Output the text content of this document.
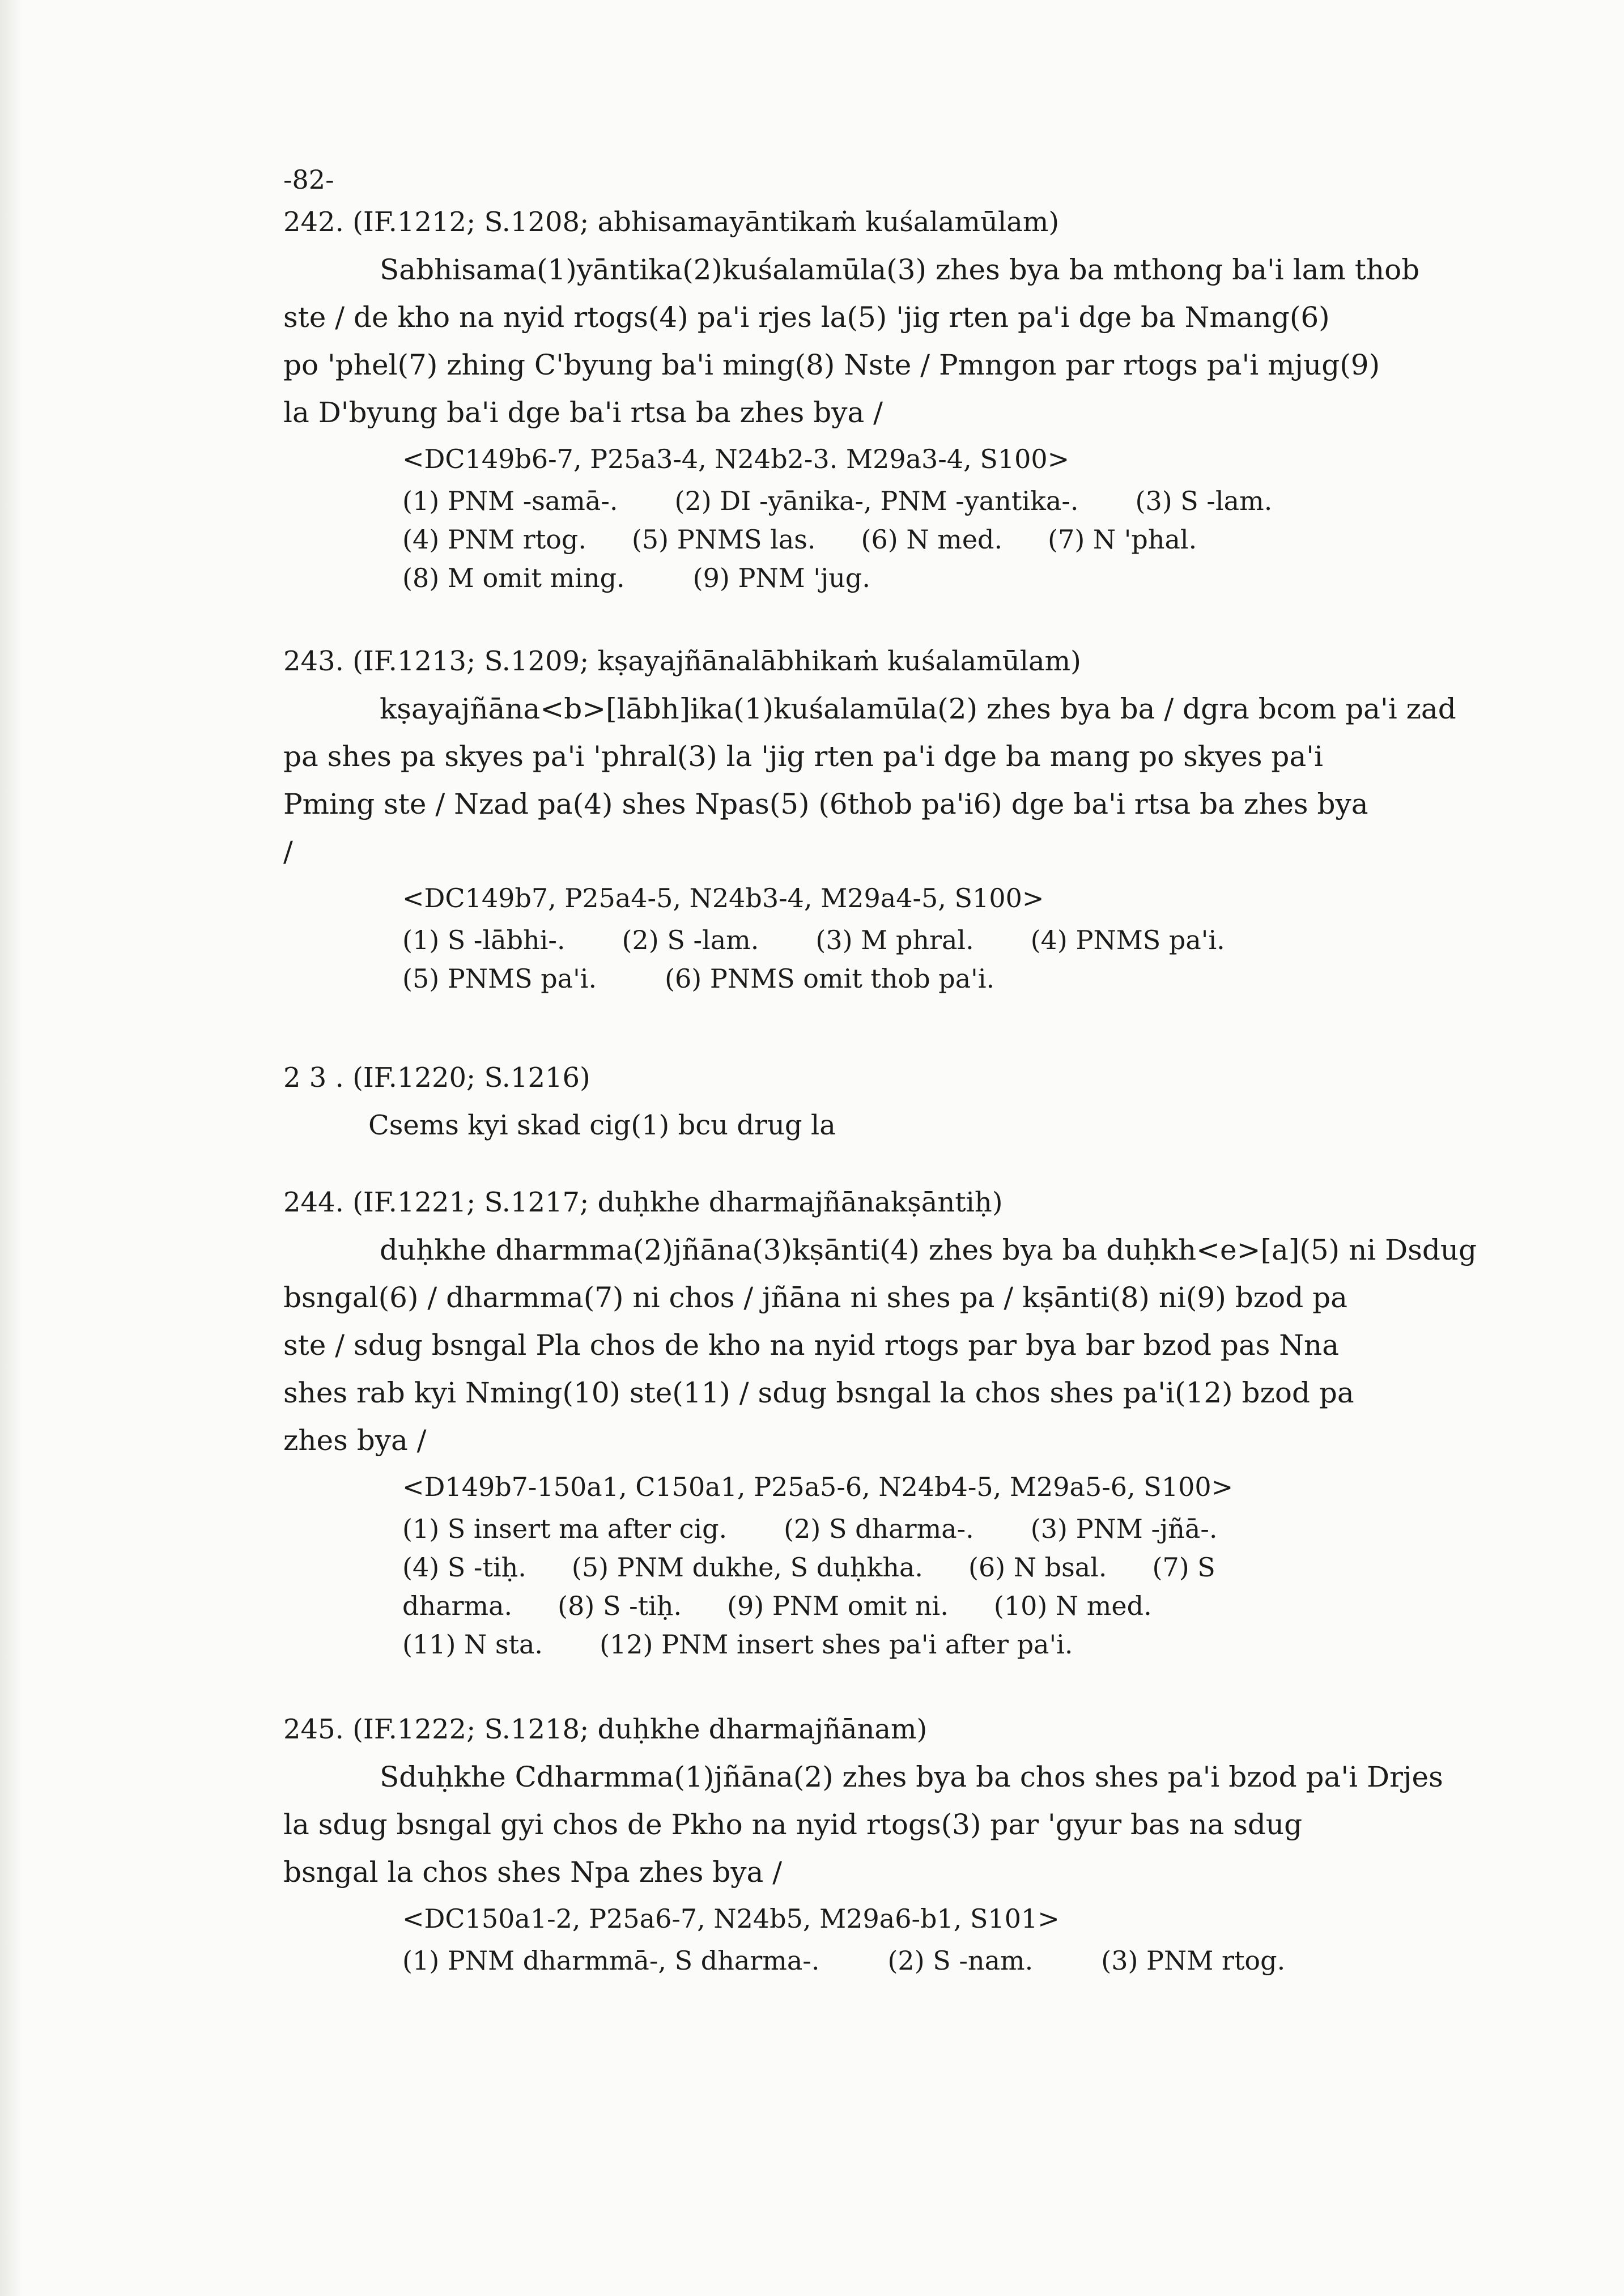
-82-
242. (IF.1212; S.1208; abhisamayāntikaṁ kuśalamūlam)
Sabhisama(1)yāntika(2)kuśalamūla(3) zhes bya ba mthong ba'i lam thob
ste / de kho na nyid rtogs(4) pa'i rjes la(5) 'jig rten pa'i dge ba Nmang(6)
po 'phel(7) zhing C'byung ba'i ming(8) Nste / Pmngon par rtogs pa'i mjug(9)
la D'byung ba'i dge ba'i rtsa ba zhes bya /
<DC149b6-7, P25a3-4, N24b2-3. M29a3-4, S100>
(1) PNM -samā-. (2) DI -yānika-, PNM -yantika-. (3) S -lam.
(4) PNM rtog. (5) PNMS las. (6) N med. (7) N 'phal.
(8) M omit ming.	(9) PNM 'jug.
243. (IF.1213; S.1209; kṣayajñānalābhikaṁ kuśalamūlam)
kṣayajñāna<b>[lābh]ika(1)kuśalamūla(2) zhes bya ba / dgra bcom pa'i zad
pa shes pa skyes pa'i 'phral(3) la 'jig rten pa'i dge ba mang po skyes pa'i
Pming ste / Nzad pa(4) shes Npas(5) (6thob pa'i6) dge ba'i rtsa ba zhes bya
/
<DC149b7, P25a4-5, N24b3-4, M29a4-5, S100>
(1) S -lābhi-. (2) S -lam. (3) M phral. (4) PNMS pa'i.
(5) PNMS pa'i.	(6) PNMS omit thob pa'i.
2 3 . (IF.1220; S.1216)
Csems kyi skad cig(1) bcu drug la
244. (IF.1221; S.1217; duḥkhe dharmajñānakṣāntiḥ)
duḥkhe dharmma(2)jñāna(3)kṣānti(4) zhes bya ba duḥkh<e>[a](5) ni Dsdug
bsngal(6) / dharmma(7) ni chos / jñāna ni shes pa / kṣānti(8) ni(9) bzod pa
ste / sdug bsngal Pla chos de kho na nyid rtogs par bya bar bzod pas Nna
shes rab kyi Nming(10) ste(11) / sdug bsngal la chos shes pa'i(12) bzod pa
zhes bya /
<D149b7-150a1, C150a1, P25a5-6, N24b4-5, M29a5-6, S100>
(1) S insert ma after cig. (2) S dharma-. (3) PNM -jñā-.
(4) S -tiḥ. (5) PNM dukhe, S duḥkha. (6) N bsal. (7) S
dharma. (8) S -tiḥ. (9) PNM omit ni. (10) N med.
(11) N sta. (12) PNM insert shes pa'i after pa'i.
245. (IF.1222; S.1218; duḥkhe dharmajñānam)
Sduḥkhe Cdharmma(1)jñāna(2) zhes bya ba chos shes pa'i bzod pa'i Drjes
la sdug bsngal gyi chos de Pkho na nyid rtogs(3) par 'gyur bas na sdug
bsngal la chos shes Npa zhes bya /
<DC150a1-2, P25a6-7, N24b5, M29a6-b1, S101>
(1) PNM dharmmā-, S dharma-.	(2) S -nam.	(3) PNM rtog.
